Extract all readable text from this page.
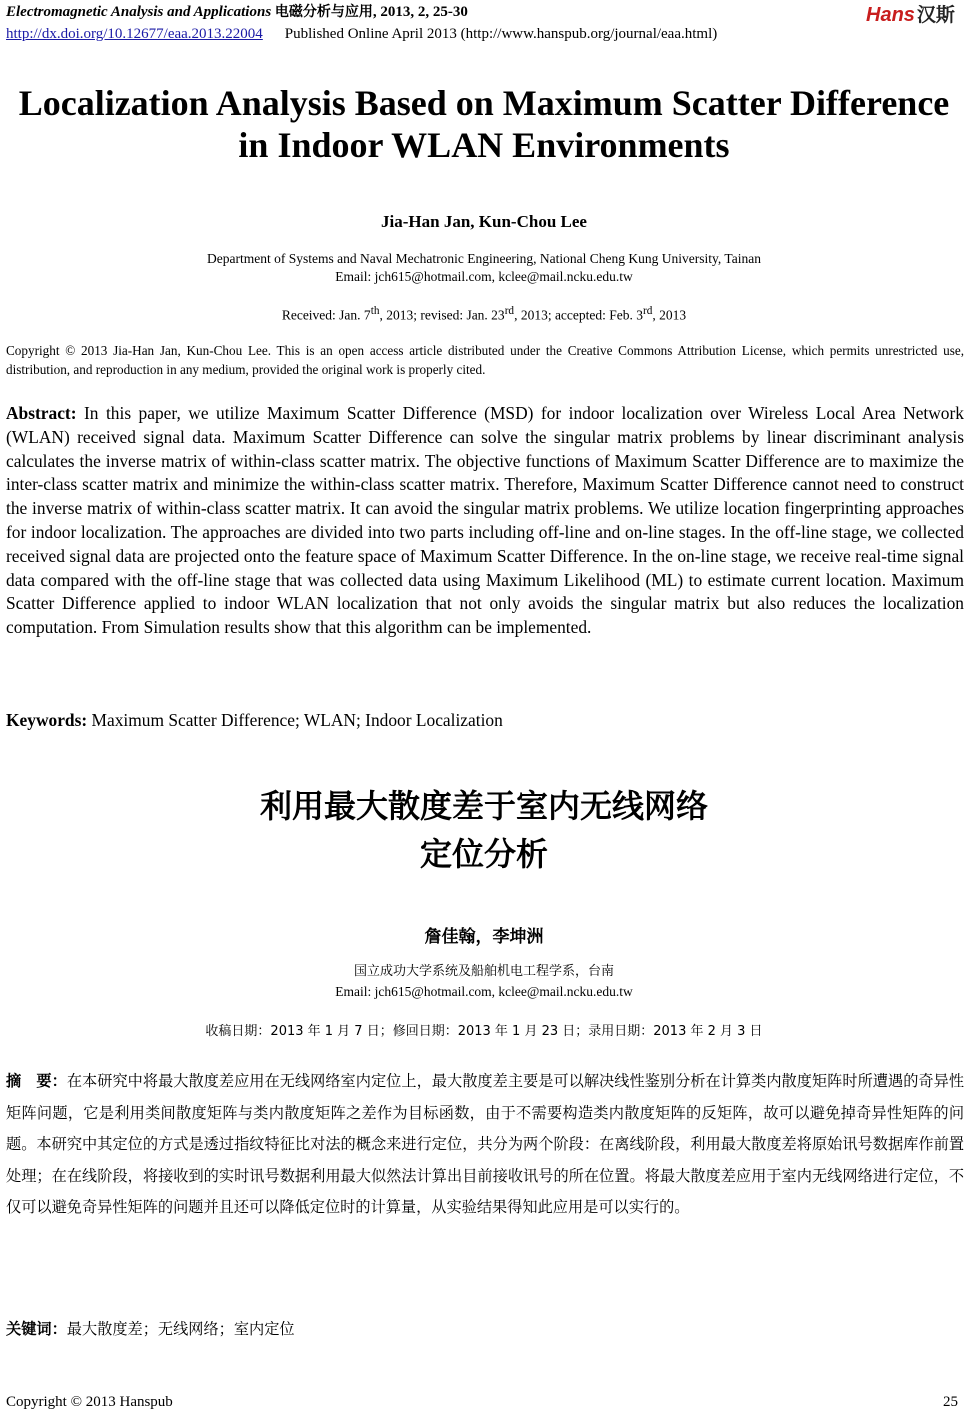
Electromagnetic Analysis and Applications 电磁分析与应用, 2013, 2, 25-30
http://dx.doi.org/10.12677/eaa.2013.22004 Published Online April 2013 (http://www.hanspub.org/journal/eaa.html)
Hans 汉斯
Localization Analysis Based on Maximum Scatter Difference
in Indoor WLAN Environments
Jia-Han Jan, Kun-Chou Lee
Department of Systems and Naval Mechatronic Engineering, National Cheng Kung University, Tainan
Email: jch615@hotmail.com, kclee@mail.ncku.edu.tw
Received: Jan. 7th, 2013; revised: Jan. 23rd, 2013; accepted: Feb. 3rd, 2013
Copyright © 2013 Jia-Han Jan, Kun-Chou Lee. This is an open access article distributed under the Creative Commons Attribution License, which permits unrestricted use, distribution, and reproduction in any medium, provided the original work is properly cited.
Abstract: In this paper, we utilize Maximum Scatter Difference (MSD) for indoor localization over Wireless Local Area Network (WLAN) received signal data. Maximum Scatter Difference can solve the singular matrix problems by linear discriminant analysis calculates the inverse matrix of within-class scatter matrix. The objective functions of Maximum Scatter Difference are to maximize the inter-class scatter matrix and minimize the within-class scatter matrix. Therefore, Maximum Scatter Difference cannot need to construct the inverse matrix of within-class scatter matrix. It can avoid the singular matrix problems. We utilize location fingerprinting approaches for indoor localization. The approaches are divided into two parts including off-line and on-line stages. In the off-line stage, we collected received signal data are projected onto the feature space of Maximum Scatter Difference. In the on-line stage, we receive real-time signal data compared with the off-line stage that was collected data using Maximum Likelihood (ML) to estimate current location. Maximum Scatter Difference applied to indoor WLAN localization that not only avoids the singular matrix but also reduces the localization computation. From Simulation results show that this algorithm can be implemented.
Keywords: Maximum Scatter Difference; WLAN; Indoor Localization
利用最大散度差于室内无线网络
定位分析
詹佳翰，李坤洲
国立成功大学系统及船舶机电工程学系，台南
Email: jch615@hotmail.com, kclee@mail.ncku.edu.tw
收稿日期：2013 年 1 月 7 日；修回日期：2013 年 1 月 23 日；录用日期：2013 年 2 月 3 日
摘　要：在本研究中将最大散度差应用在无线网络室内定位上，最大散度差主要是可以解决线性鉴别分析在计算类内散度矩阵时所遭遇的奇异性矩阵问题，它是利用类间散度矩阵与类内散度矩阵之差作为目标函数，由于不需要构造类内散度矩阵的反矩阵，故可以避免掉奇异性矩阵的问题。本研究中其定位的方式是透过指纹特征比对法的概念来进行定位，共分为两个阶段：在离线阶段，利用最大散度差将原始讯号数据库作前置处理；在在线阶段，将接收到的实时讯号数据利用最大似然法计算出目前接收讯号的所在位置。将最大散度差应用于室内无线网络进行定位，不仅可以避免奇异性矩阵的问题并且还可以降低定位时的计算量，从实验结果得知此应用是可以实行的。
关键词：最大散度差；无线网络；室内定位
Copyright © 2013 Hanspub	25
